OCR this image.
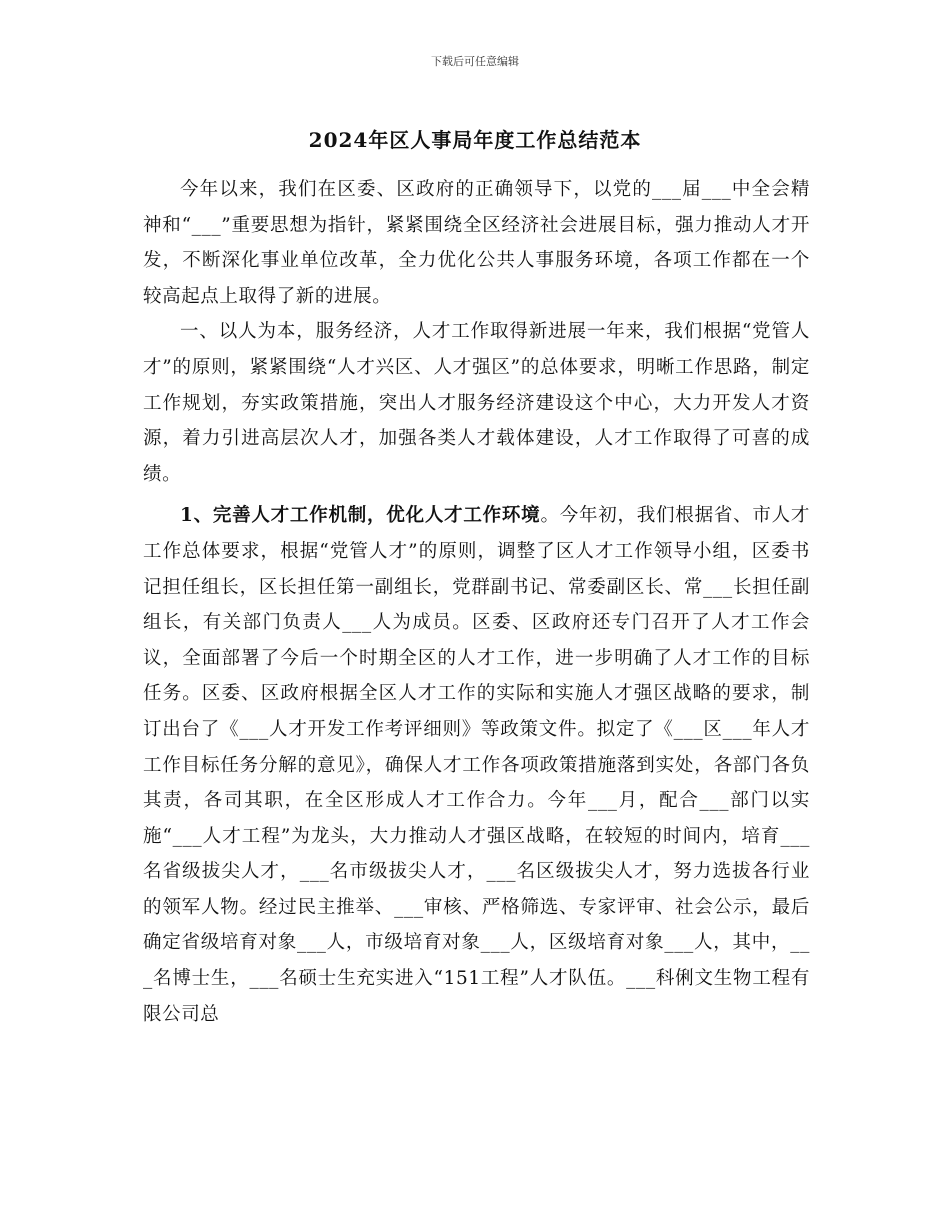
下载后可任意编辑
2024年区人事局年度工作总结范本

今年以来，我们在区委、区政府的正确领导下，以党的___届___中全会精神和“___”重要思想为指针，紧紧围绕全区经济社会进展目标，强力推动人才开发，不断深化事业单位改革，全力优化公共人事服务环境，各项工作都在一个较高起点上取得了新的进展。

一、以人为本，服务经济，人才工作取得新进展一年来，我们根据“党管人才”的原则，紧紧围绕“人才兴区、人才强区”的总体要求，明晰工作思路，制定工作规划，夯实政策措施，突出人才服务经济建设这个中心，大力开发人才资源，着力引进高层次人才，加强各类人才载体建设，人才工作取得了可喜的成绩。

1、完善人才工作机制，优化人才工作环境。今年初，我们根据省、市人才工作总体要求，根据“党管人才”的原则，调整了区人才工作领导小组，区委书记担任组长，区长担任第一副组长，党群副书记、常委副区长、常___长担任副组长，有关部门负责人___人为成员。区委、区政府还专门召开了人才工作会议，全面部署了今后一个时期全区的人才工作，进一步明确了人才工作的目标任务。区委、区政府根据全区人才工作的实际和实施人才强区战略的要求，制订出台了《___人才开发工作考评细则》等政策文件。拟定了《___区___年人才工作目标任务分解的意见》，确保人才工作各项政策措施落到实处，各部门各负其责，各司其职，在全区形成人才工作合力。今年___月，配合___部门以实施“___人才工程”为龙头，大力推动人才强区战略，在较短的时间内，培育___名省级拔尖人才，___名市级拔尖人才，___名区级拔尖人才，努力选拔各行业的领军人物。经过民主推举、___审核、严格筛选、专家评审、社会公示，最后确定省级培育对象___人，市级培育对象___人，区级培育对象___人，其中，___名博士生，___名硕士生充实进入“151工程”人才队伍。___科俐文生物工程有限公司总
